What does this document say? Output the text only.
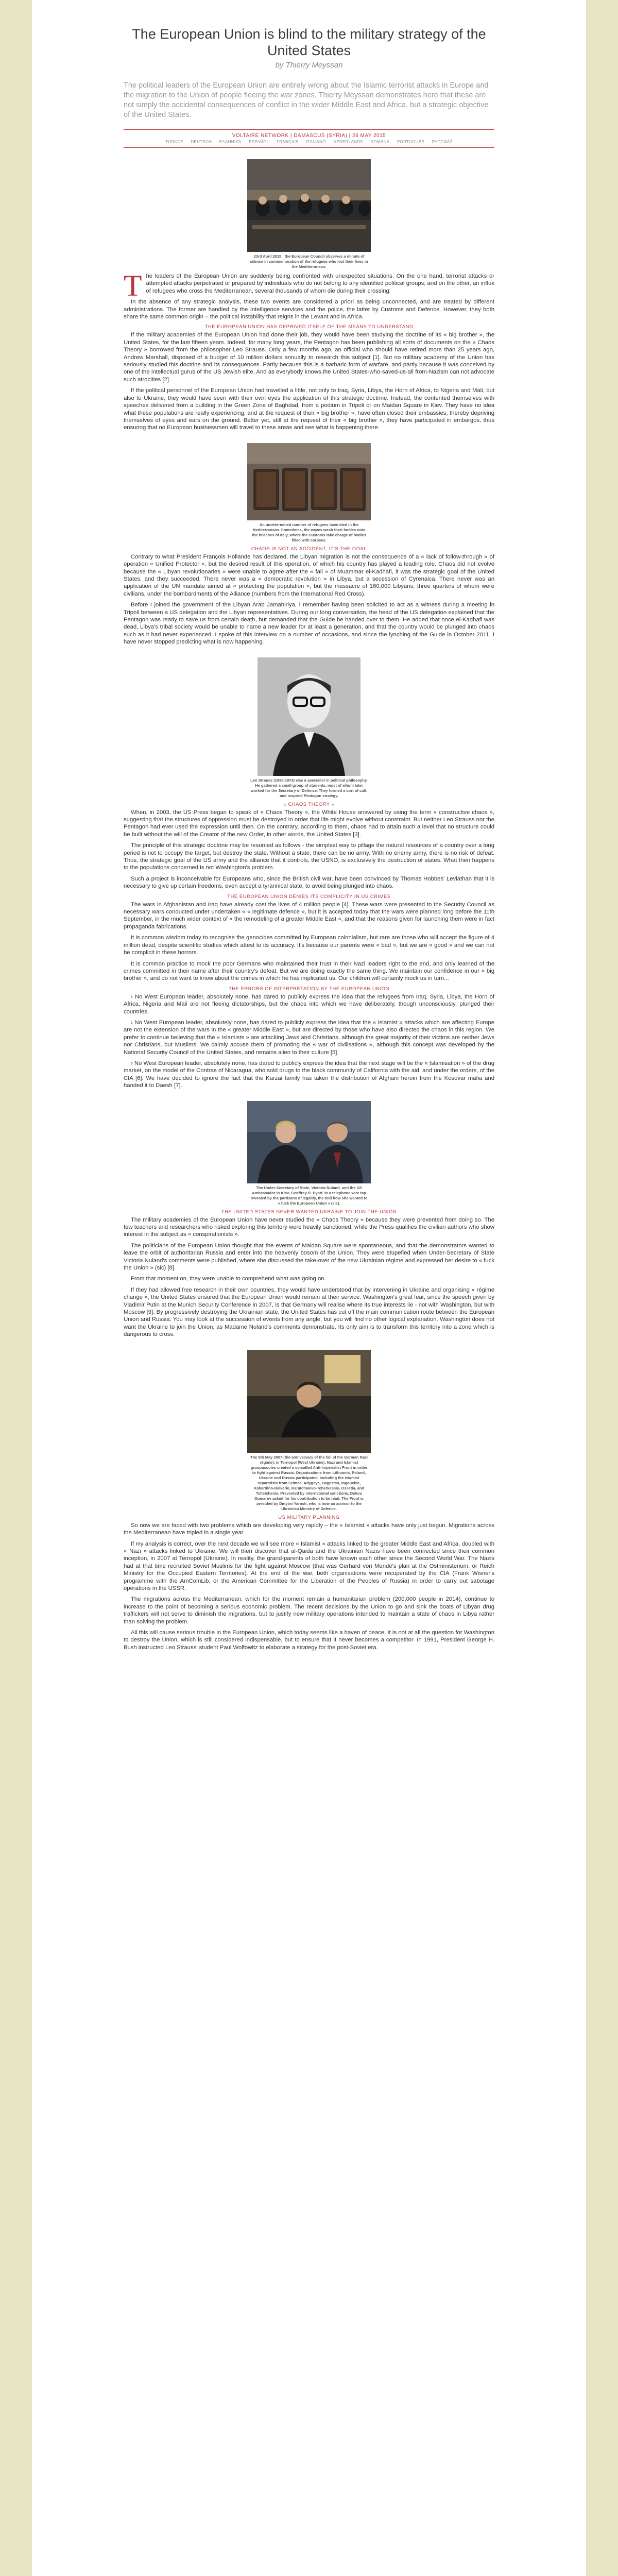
The European Union is blind to the military strategy of the United States
by Thierry Meyssan
The political leaders of the European Union are entirely wrong about the Islamic terrorist attacks in Europe and the migration to the Union of people fleeing the war zones. Thierry Meyssan demonstrates here that these are not simply the accidental consequences of conflict in the wider Middle East and Africa, but a strategic objective of the United States.
VOLTAIRE NETWORK | DAMASCUS (SYRIA) | 26 MAY 2015
TÜRKÇE DEUTSCH ΕΛΛΗΝΙΚΆ ESPAÑOL FRANÇAIS ITALIANO NEDERLANDS ROMÂNĂ PORTUGUÊS РУССКИЙ
23rd April 2015 : the European Council observes a minute of silence in commemoration of the refugees who lost their lives in the Mediterranean.

The leaders of the European Union are suddenly being confronted with unexpected situations. On the one hand, terrorist attacks or attempted attacks perpetrated or prepared by individuals who do not belong to any identified political groups; and on the other, an influx of refugees who cross the Mediterranean, several thousands of whom die during their crossing.

In the absence of any strategic analysis, these two events are considered a priori as being unconnected, and are treated by different administrations. The former are handled by the Intelligence services and the police, the latter by Customs and Defence. However, they both share the same common origin – the political instability that reigns in the Levant and in Africa.

THE EUROPEAN UNION HAS DEPRIVED ITSELF OF THE MEANS TO UNDERSTAND

If the military academies of the European Union had done their job, they would have been studying the doctrine of its « big brother », the United States, for the last fifteen years. Indeed, for many long years, the Pentagon has been publishing all sorts of documents on the « Chaos Theory » borrowed from the philosopher Leo Strauss. Only a few months ago, an official who should have retired more than 25 years ago, Andrew Marshall, disposed of a budget of 10 million dollars annually to research this subject [1]. But no military academy of the Union has seriously studied this doctrine and its consequences. Partly because this is a barbaric form of warfare, and partly because it was conceived by one of the intellectual gurus of the US Jewish elite. And as everybody knows,the United States-who-saved-us-all from-Nazism can not advocate such atrocities [2].

If the political personnel of the European Union had travelled a little, not only to Iraq, Syria, Libya, the Horn of Africa, to Nigeria and Mali, but also to Ukraine, they would have seen with their own eyes the application of this strategic doctrine. Instead, the contented themselves with speeches delivered from a building in the Green Zone of Baghdad, from a podium in Tripoli or on Maidan Square in Kiev. They have no idea what these populations are really experiencing, and at the request of their « big brother », have often closed their embassies, thereby depriving themselves of eyes and ears on the ground. Better yet, still at the request of their « big brother », they have participated in embargos, thus ensuring that no European businessmen will travel to these areas and see what is happening there.

An undetermined number of refugees have died in the Mediterranean. Sometimes, the waves wash their bodies onto the beaches of Italy, where the Customs take charge of bodies filled with corpses.
CHAOS IS NOT AN ACCIDENT, IT'S THE GOAL

Contrary to what President François Hollande has declared, the Libyan migration is not the consequence of a « lack of follow-through » of operation « Unified Protector », but the desired result of this operation, of which his country has played a leading role. Chaos did not evolve because the « Libyan revolutionaries » were unable to agree after the « fall » of Muammar el-Kadhafi, it was the strategic goal of the United States, and they succeeded. There never was a « democratic revolution » in Libya, but a secession of Cyrenaica. There never was an application of the UN mandate aimed at « protecting the population », but the massacre of 160,000 Libyans, three quarters of whom were civilians, under the bombardments of the Alliance (numbers from the International Red Cross).

Before I joined the government of the Libyan Arab Jamahiriya, I remember having been solicited to act as a witness during a meeting in Tripoli between a US delegation and the Libyan representatives. During our long conversation, the head of the US delegation explained that the Pentagon was ready to save us from certain death, but demanded that the Guide be handed over to them. He added that once el-Kadhafi was dead, Libya's tribal society would be unable to name a new leader for at least a generation, and that the country would be plunged into chaos such as it had never experienced. I spoke of this interview on a number of occasions, and since the lynching of the Guide in October 2011, I have never stopped predicting what is now happening.

Leo Strauss (1899-1973) was a specialist in political philosophy. He gathered a small group of students, most of whom later worked for the Secretary of Defense. They formed a sort of cult, and inspired Pentagon strategy.
« CHAOS THEORY »

When, in 2003, the US Press began to speak of « Chaos Theory », the White House answered by using the term « constructive chaos », suggesting that the structures of oppression must be destroyed in order that life might evolve without constraint. But neither Leo Strauss nor the Pentagon had ever used the expression until then. On the contrary, according to them, chaos had to attain such a level that no structure could be built without the will of the Creator of the new Order, in other words, the United States [3].

The principle of this strategic doctrine may be resumed as follows - the simplest way to pillage the natural resources of a country over a long period is not to occupy the target, but destroy the state. Without a state, there can be no army. With no enemy army, there is no risk of defeat. Thus, the strategic goal of the US army and the alliance that it controls, the USNO, is exclusively the destruction of states. What then happens to the populations concerned is not Washington's problem.

Such a project is inconceivable for Europeans who, since the British civil war, have been convinced by Thomas Hobbes' Leviathan that it is necessary to give up certain freedoms, even accept a tyrannical state, to avoid being plunged into chaos.

THE EUROPEAN UNION DENIES ITS COMPLICITY IN US CRIMES

The wars in Afghanistan and Iraq have already cost the lives of 4 million people [4]. These wars were presented to the Security Council as necessary wars conducted under undertaken « « legitimate defence », but it is accepted today that the wars were planned long before the 11th September, in the much wider context of « the remodeling of a greater Middle East », and that the reasons given for launching them were in fact propaganda fabrications.

It is common wisdom today to recognise the genocides committed by European colonialism, but rare are those who will accept the figure of 4 million dead, despite scientific studies which attest to its accuracy. It's because our parents were « bad », but we are « good » and we can not be complicit in these horrors.

It is common practice to mock the poor Germans who maintained their trust in their Nazi leaders right to the end, and only learned of the crimes committed in their name after their country's defeat. But we are doing exactly the same thing. We maintain our confidence in our « big brother », and do not want to know about the crimes in which he has implicated us. Our children will certainly mock us in turn...

THE ERRORS OF INTERPRETATION BY THE EUROPEAN UNION

› No West European leader, absolutely none, has dared to publicly express the idea that the refugees from Iraq, Syria, Libya, the Horn of Africa, Nigeria and Mali are not fleeing dictatorships, but the chaos into which we have deliberately, though unconsciously, plunged their countries.

› No West European leader, absolutely none, has dared to publicly express the idea that the « Islamist » attacks which are affecting Europe are not the extension of the wars in the « greater Middle East », but are directed by those who have also directed the chaos in this region. We prefer to continue believing that the « Islamists » are attacking Jews and Christians, although the great majority of their victims are neither Jews nor Christians, but Muslims. We calmly accuse them of promoting the « war of civilisations », although this concept was developed by the National Security Council of the United States, and remains alien to their culture [5].

› No West European leader, absolutely none, has dared to publicly express the idea that the next stage will be the « Islamisation » of the drug market, on the model of the Contras of Nicaragua, who sold drugs to the black community of California with the aid, and under the orders, of the CIA [6]. We have decided to ignore the fact that the Karzai family has taken the distribution of Afghani heroin from the Kosovar mafia and handed it to Daesh [7].

The Under-Secretary of State, Victoria Nuland, and the US Ambassador in Kiev, Geoffrey R. Pyatt. In a telephone wire tap revealed by the partisans of legality, the told how she wanted to « fuck the European Union » (sic).
THE UNITED STATES NEVER WANTED UKRAINE TO JOIN THE UNION

The military academies of the European Union have never studied the « Chaos Theory » because they were prevented from doing so. The few teachers and researchers who risked exploring this territory were heavily sanctioned, while the Press qualifies the civilian authors who show interest in the subject as « conspirationists ».

The politicians of the European Union thought that the events of Maidan Square were spontaneous, and that the demonstrators wanted to leave the orbit of authoritarian Russia and enter into the heavenly bosom of the Union. They were stupefied when Under-Secretary of State Victoria Nuland's comments were published, where she discussed the take-over of the new Ukrainian régime and expressed her desire to « fuck the Union » (sic) [8].

From that moment on, they were unable to comprehend what was going on.

If they had allowed free research in their own countries, they would have understood that by intervening in Ukraine and organising « régime change », the United States ensured that the European Union would remain at their service. Washington's great fear, since the speech given by Vladimir Putin at the Munich Security Conference in 2007, is that Germany will realise where its true interests lie - not with Washington, but with Moscow [9]. By progressively destroying the Ukrainian state, the United States has cut off the main communication route between the European Union and Russia. You may look at the succession of events from any angle, but you will find no other logical explanation. Washington does not want the Ukraine to join the Union, as Madame Nuland's comments demonstrate. Its only aim is to transform this territory into a zone which is dangerous to cross.

The 9th May 2007 (the anniversary of the fall of the German Nazi régime), in Ternopol (West Ukraine), Nazi and Islamist groupuscules created a so-called Anti-Imperialist Front in order to fight against Russia. Organisations from Lithuania, Poland, Ukraine and Russia participated, including the Islamist separatists from Crimea, Adygeya, Dagestan, Ingouchie, Kabardino-Balkarie, Karatchaïevo-Tcherkessie, Ossetia, and Tchetchenia. Prevented by international sanctions, Dokou Oumarov asked for his contribution to be read. The Front is presided by Dmytro Yarosh, who is now an advisor to the Ukrainian Ministry of Defence.
US MILITARY PLANNING

So now we are faced with two problems which are developing very rapidly – the « Islamist » attacks have only just begun. Migrations across the Mediterranean have tripled in a single year.

If my analysis is correct, over the next decade we will see more « Islamist » attacks linked to the greater Middle East and Africa, doubled with « Nazi » attacks linked to Ukraine. We will then discover that al-Qaida and the Ukrainian Nazis have been connected since their common inception, in 2007 at Ternopol (Ukraine). In reality, the grand-parents of both have known each other since the Second World War. The Nazis had at that time recruited Soviet Muslims for the fight against Moscow (that was Gerhard von Mende's plan at the Ostministerium, or Reich Ministry for the Occupied Eastern Territories). At the end of the war, both organisations were recuperated by the CIA (Frank Wisner's programme with the AmComLib, or the American Committee for the Liberation of the Peoples of Russia) in order to carry out sabotage operations in the USSR.

The migrations across the Mediterranean, which for the moment remain a humanitarian problem (200,000 people in 2014), continue to increase to the point of becoming a serious economic problem. The recent decisions by the Union to go and sink the boats of Libyan drug traffickers will not serve to diminish the migrations, but to justify new military operations intended to maintain a state of chaos in Libya rather than solving the problem.

All this will cause serious trouble in the European Union, which today seems like a haven of peace. It is not at all the question for Washington to destroy the Union, which is still considered indispensable, but to ensure that it never becomes a competitor. In 1991, President George H. Bush instructed Leo Strauss' student Paul Wolfowitz to elaborate a strategy for the post-Soviet era.
